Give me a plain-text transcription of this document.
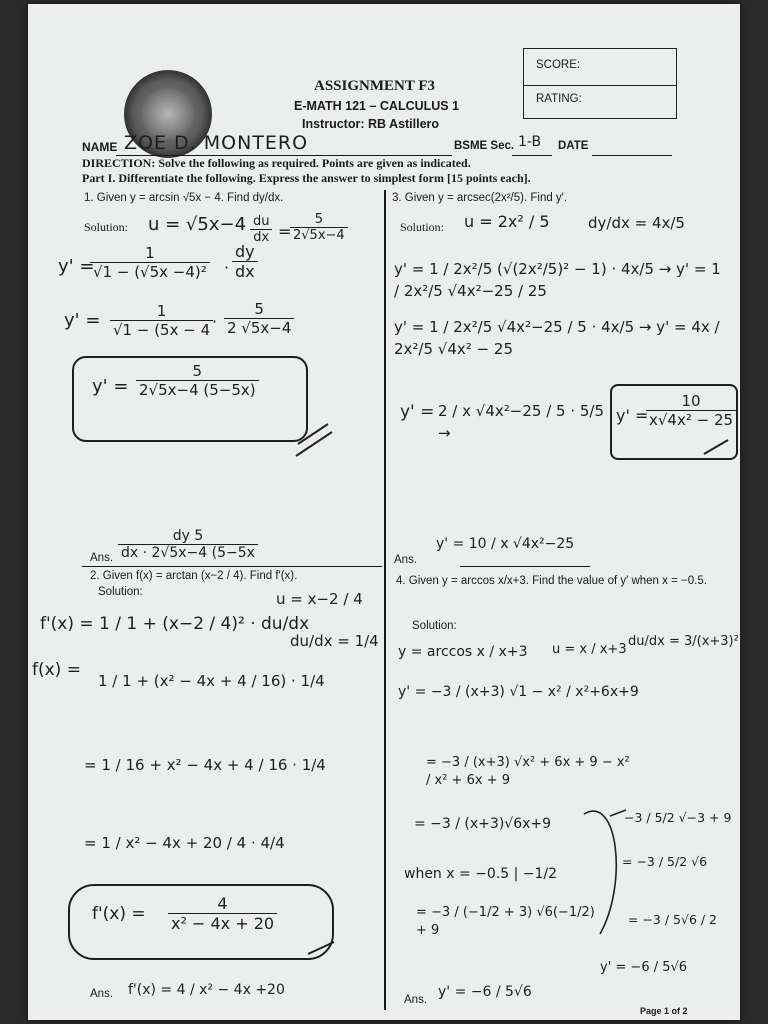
ASSIGNMENT F3
E-MATH 121 – CALCULUS 1
Instructor: RB Astillero
SCORE:
RATING:
NAME ZOE D. MONTERO	BSME Sec. 1-B DATE
DIRECTION: Solve the following as required. Points are given as indicated.
Part I. Differentiate the following. Express the answer to simplest form [15 points each].
1. Given y = arcsin √5x − 4. Find dy/dx.
Solution: $u = √5x-4 \frac{du}{dx}$ =
$\frac{5}{2√5x-4}$
y' =
$\frac{1}{\text{√1 − (√5x −4)²}} \cdot \frac{dy}{dx}$
$y' = \frac{1}{√1 - (5x - 4}$
· $\frac{5}{2 √5x-4}$
$y' = \frac{5}{2√5x-4 (5-5x)}$
Ans. $\frac{dy 5}{dx \cdot 2√5x-4 (5-5x}$
3. Given y = arcsec(2x²/5). Find y′.
Solution: u = 2x² / 5	dy/dx = 4x/5
y' = 1 / 2x²/5 (√(2x²/5)² − 1) · 4x/5 → y' = 1 / 2x²/5 √4x²−25 / 25
y' = 1 / 2x²/5 √4x²−25 / 5 · 4x/5 → y' = 4x / 2x²/5 √4x² − 25
y' = 2 / x √4x²−25 / 5 · 5/5 →
y' =
$\frac{10}{\text{x√4x² − 25}}$
Ans.
y' = 10 / x √4x²−25
2. Given f(x) = arctan (x−2 / 4). Find f′(x).
Solution:	u = x−2 / 4
du/dx = 1/4
f'(x) = 1 / 1 + (x−2 / 4)² · du/dx
f(x) =
1 / 1 + (x² − 4x + 4 / 16) · 1/4
= 1 / 16 + x² − 4x + 4 / 16 · 1/4
= 1 / x² − 4x + 20 / 4 · 4/4
$f'(x) = \frac{4}{\text{x² − 4x + 20}}$
Ans. f'(x) = 4 / x² − 4x +20
4. Given y = arccos x/x+3. Find the value of y′ when x = −0.5.
Solution:
y = arccos x / x+3 u = x / x+3
du/dx = 3/(x+3)²
y' = −3 / (x+3) √1 − x² / x²+6x+9
= −3 / (x+3) √x² + 6x + 9 − x² / x² + 6x + 9
= −3 / (x+3)√6x+9
when x = −0.5 | −1/2
= −3 / (−1/2 + 3) √6(−1/2) + 9
−3 / 5/2 √−3 + 9
= −3 / 5/2 √6
= −3 / 5√6 / 2
y' = −6 / 5√6
Ans. y' = −6 / 5√6
Page 1 of 2
